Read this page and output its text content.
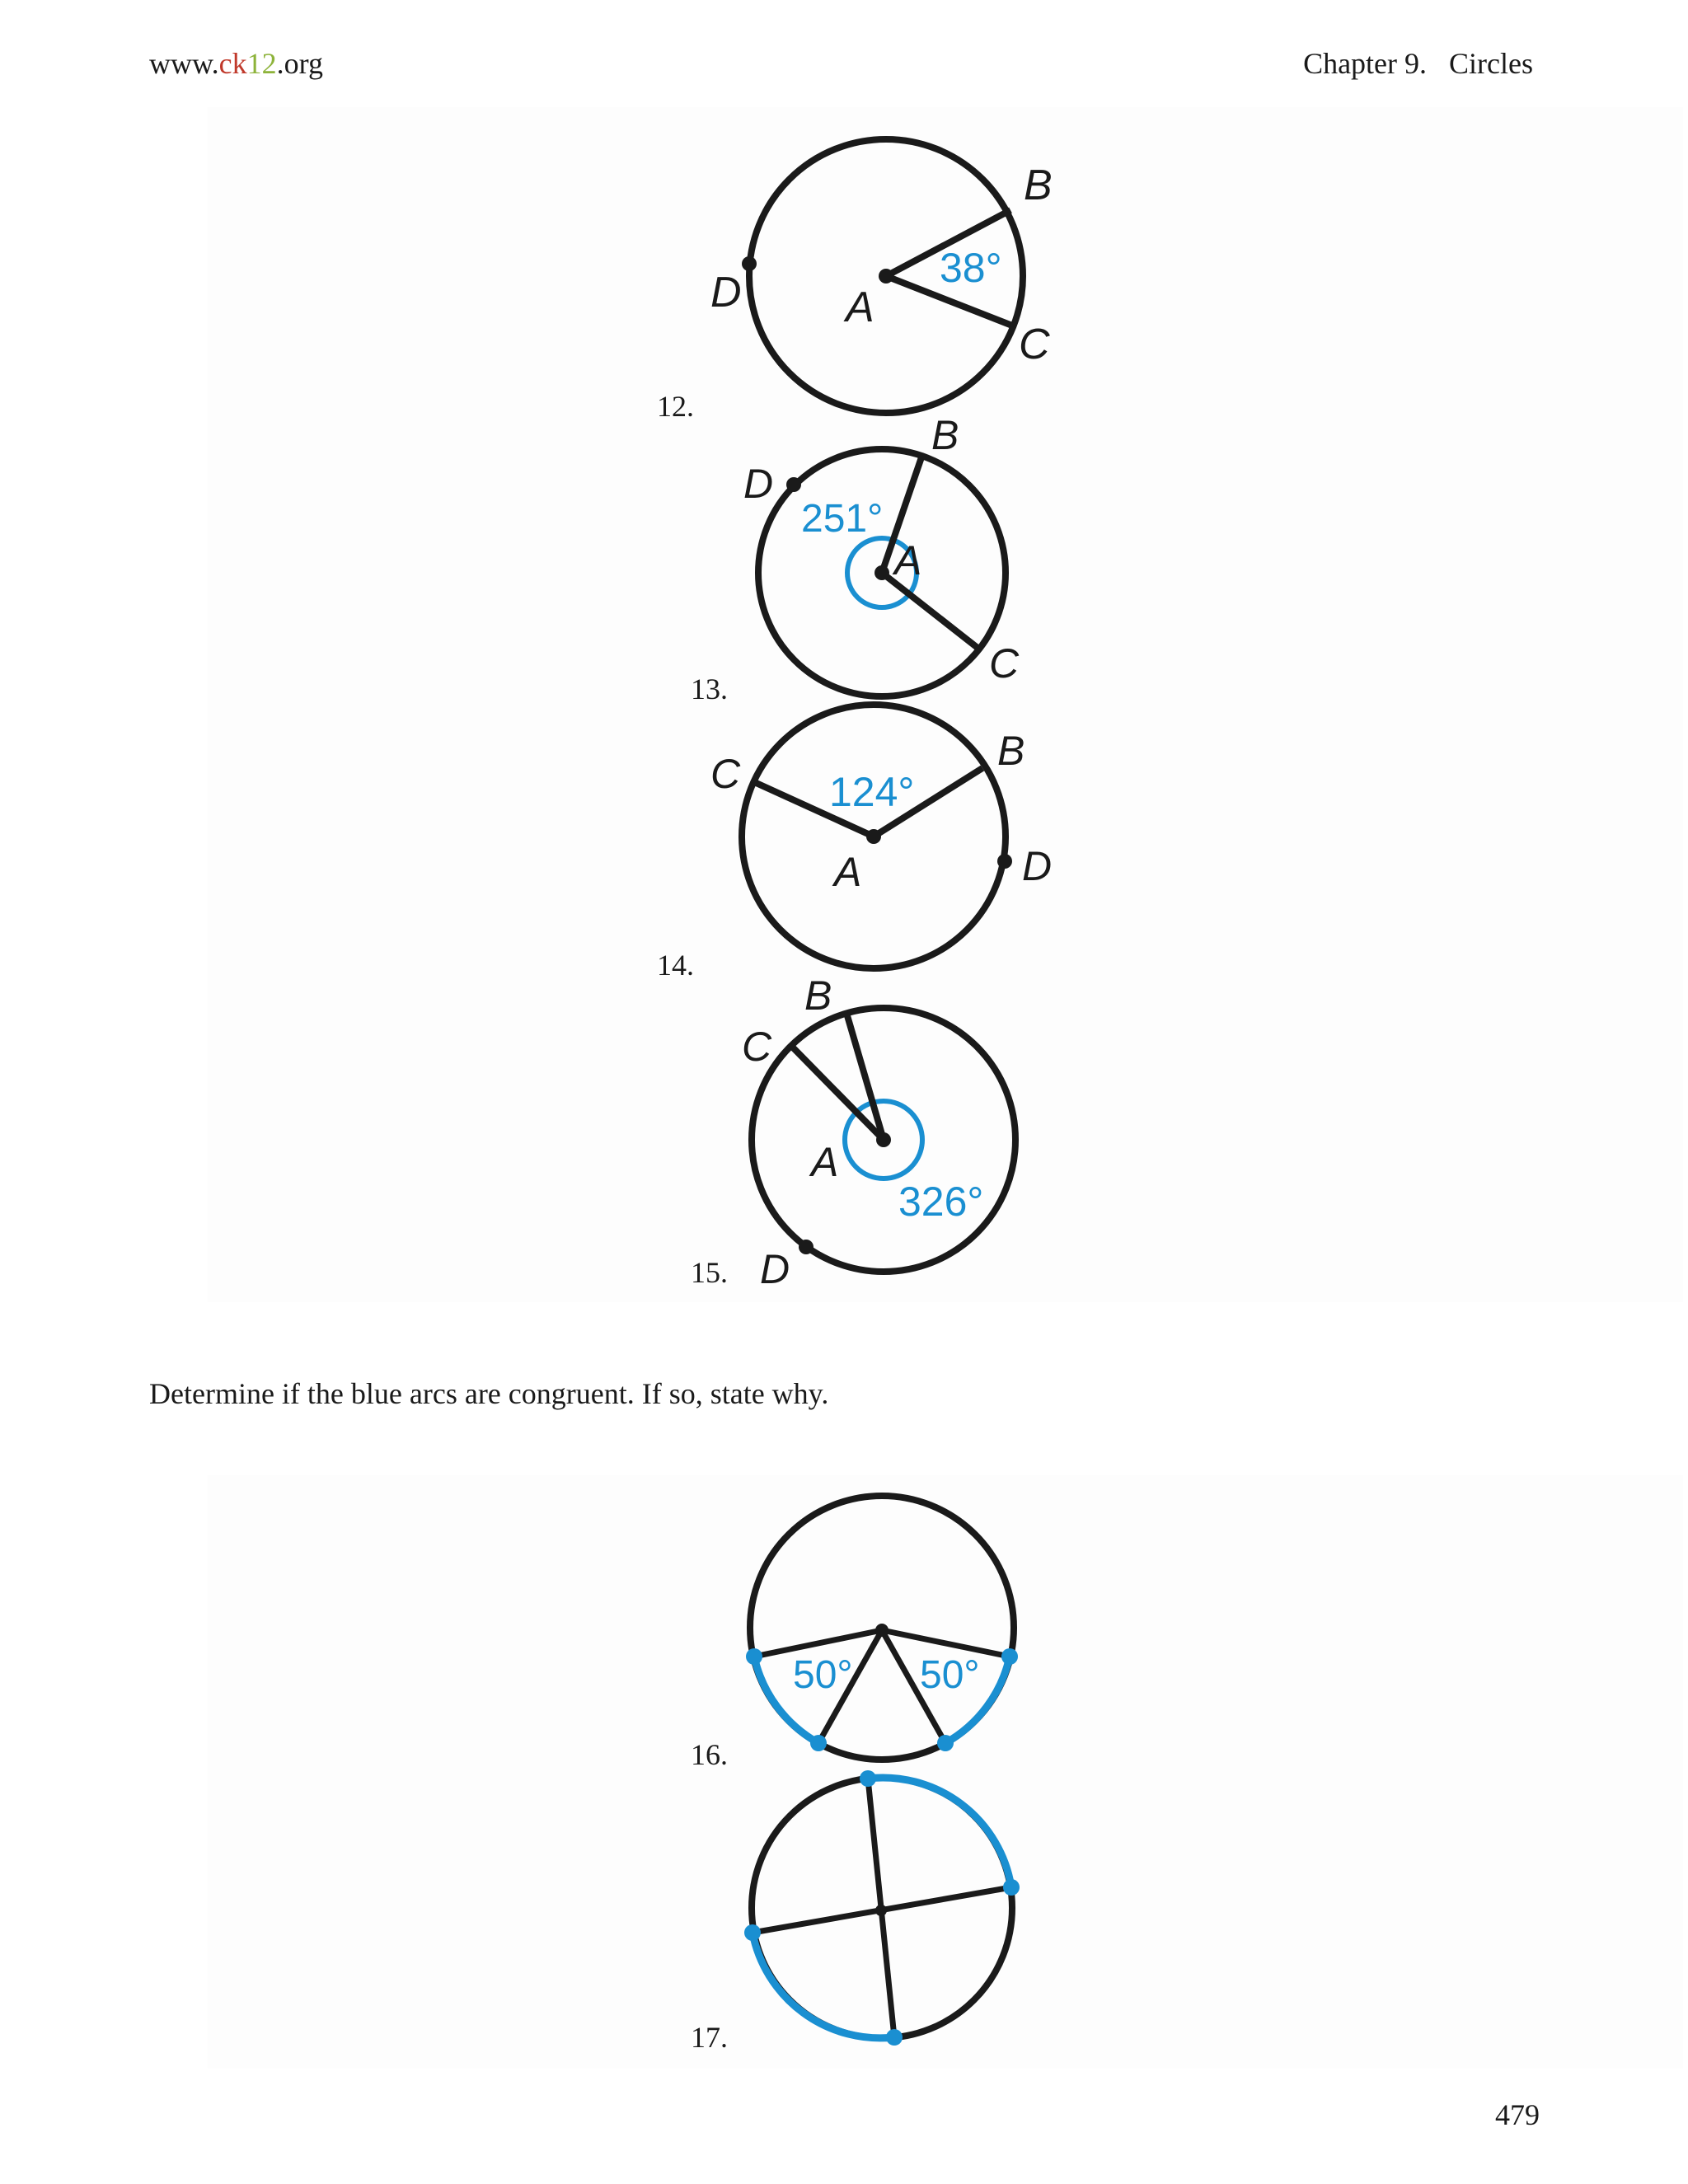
www.ck12.org	Chapter 9.   Circles
12.
38°
B
C
A
D
13.
251°
B
C
A
D
14.
124°
B
C
A	D
15.
326°
B
C
A
D
Determine if the blue arcs are congruent. If so, state why.
16.
50° 50°
17.
479
